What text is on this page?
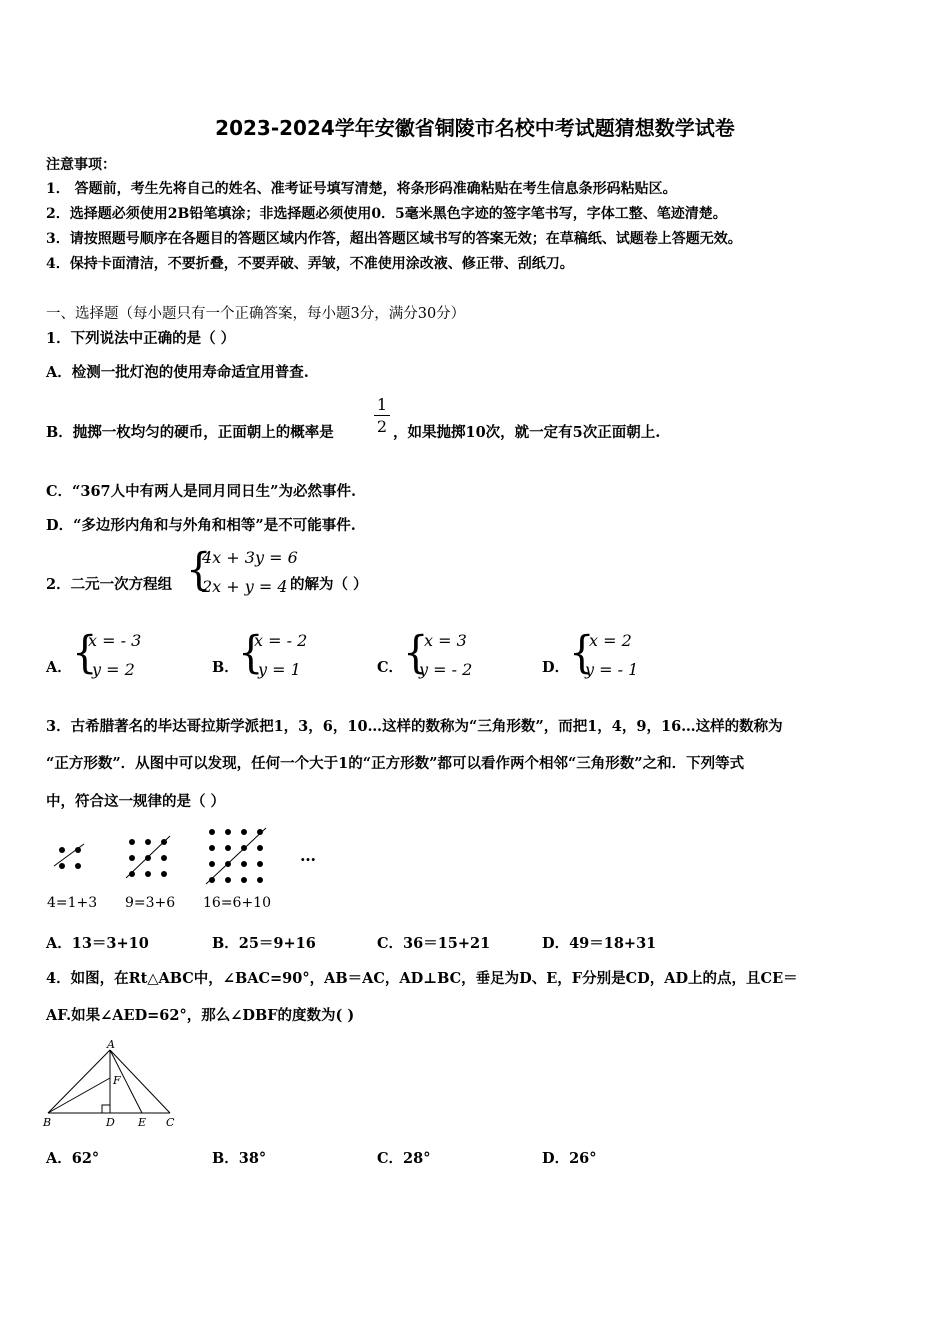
2023-2024学年安徽省铜陵市名校中考试题猜想数学试卷
注意事项：
1． 答题前，考生先将自己的姓名、准考证号填写清楚，将条形码准确粘贴在考生信息条形码粘贴区。
2．选择题必须使用2B铅笔填涂；非选择题必须使用0．5毫米黑色字迹的签字笔书写，字体工整、笔迹清楚。
3．请按照题号顺序在各题目的答题区域内作答，超出答题区域书写的答案无效；在草稿纸、试题卷上答题无效。
4．保持卡面清洁，不要折叠，不要弄破、弄皱，不准使用涂改液、修正带、刮纸刀。
一、选择题（每小题只有一个正确答案，每小题3分，满分30分）
1．下列说法中正确的是（ ）
A．检测一批灯泡的使用寿命适宜用普查.
B．抛掷一枚均匀的硬币，正面朝上的概率是
1
2 ，如果抛掷10次，就一定有5次正面朝上.
C．“367人中有两人是同月同日生”为必然事件.
D．“多边形内角和与外角和相等”是不可能事件.
2．二元一次方程组 {
4x + 3y = 6
2x + y = 4 的解为（ ）
A． {
x = - 3
y = 2	B． {
x = - 2
y = 1	C． {
x = 3
y = - 2	D． {
x = 2
y = - 1
3．古希腊著名的毕达哥拉斯学派把1，3，6，10…这样的数称为“三角形数”，而把1，4，9，16…这样的数称为
“正方形数”．从图中可以发现，任何一个大于1的“正方形数”都可以看作两个相邻“三角形数”之和．下列等式
中，符合这一规律的是（ ）
…
4=1+3 9=3+6 16=6+10
A．13＝3+10	B．25＝9+16	C．36＝15+21	D．49＝18+31
4．如图，在Rt△ABC中，∠BAC=90°，AB＝AC，AD⊥BC，垂足为D、E，F分别是CD，AD上的点，且CE＝
AF.如果∠AED=62°，那么∠DBF的度数为( )
A
B	D E C
F
A．62°	B．38°	C．28°	D．26°
